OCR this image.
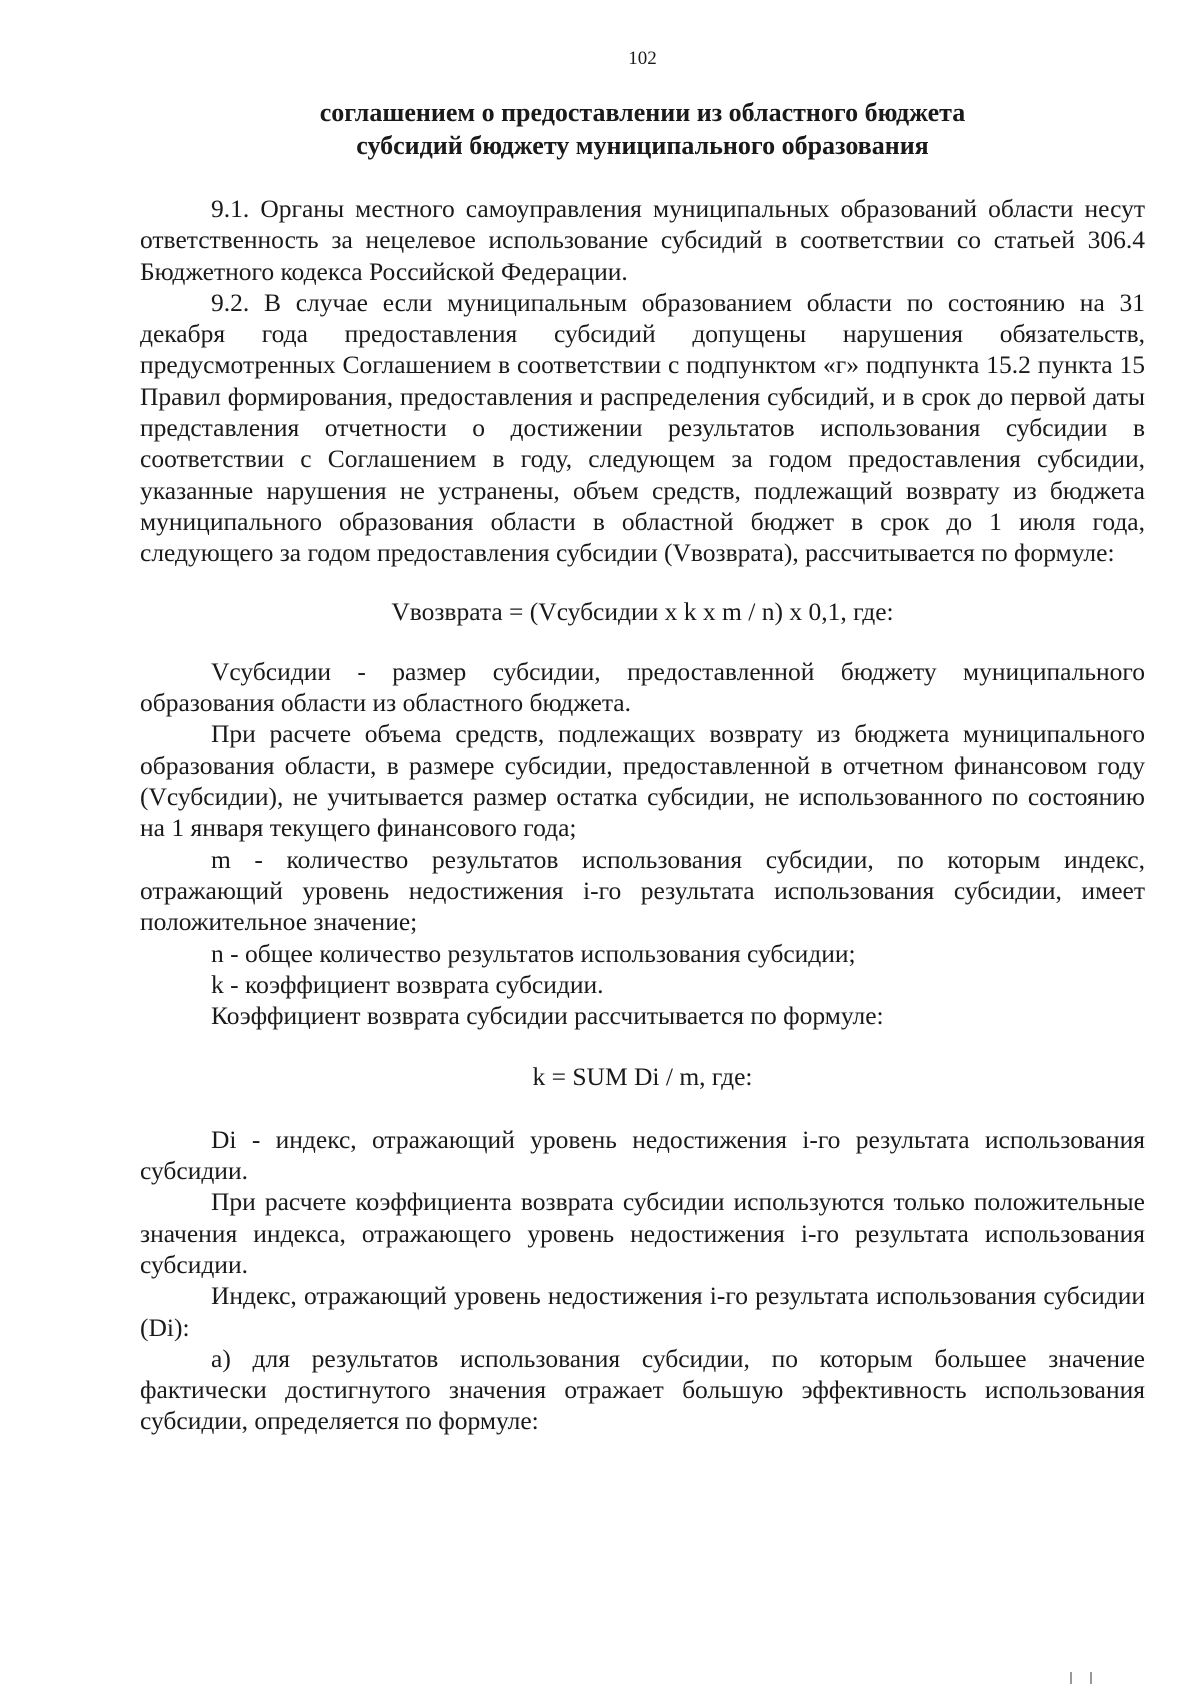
102
соглашением о предоставлении из областного бюджета
субсидий бюджету муниципального образования

9.1. Органы местного самоуправления муниципальных образований области несут ответственность за нецелевое использование субсидий в соответствии со статьей 306.4 Бюджетного кодекса Российской Федерации.

9.2. В случае если муниципальным образованием области по состоянию на 31 декабря года предоставления субсидий допущены нарушения обязательств, предусмотренных Соглашением в соответствии с подпунктом «г» подпункта 15.2 пункта 15 Правил формирования, предоставления и распределения субсидий, и в срок до первой даты представления отчетности о достижении результатов использования субсидии в соответствии с Соглашением в году, следующем за годом предоставления субсидии, указанные нарушения не устранены, объем средств, подлежащий возврату из бюджета муниципального образования области в областной бюджет в срок до 1 июля года, следующего за годом предоставления субсидии (Vвозврата), рассчитывается по формуле:

Vвозврата = (Vсубсидии x k x m / n) x 0,1, где:

Vсубсидии - размер субсидии, предоставленной бюджету муниципального образования области из областного бюджета.

При расчете объема средств, подлежащих возврату из бюджета муниципального образования области, в размере субсидии, предоставленной в отчетном финансовом году (Vсубсидии), не учитывается размер остатка субсидии, не использованного по состоянию на 1 января текущего финансового года;

m - количество результатов использования субсидии, по которым индекс, отражающий уровень недостижения i-го результата использования субсидии, имеет положительное значение;

n - общее количество результатов использования субсидии;

k - коэффициент возврата субсидии.

Коэффициент возврата субсидии рассчитывается по формуле:

k = SUM Di / m, где:

Di - индекс, отражающий уровень недостижения i-го результата использования субсидии.

При расчете коэффициента возврата субсидии используются только положительные значения индекса, отражающего уровень недостижения i-го результата использования субсидии.

Индекс, отражающий уровень недостижения i-го результата использования субсидии (Di):

а) для результатов использования субсидии, по которым большее значение фактически достигнутого значения отражает большую эффективность использования субсидии, определяется по формуле:
